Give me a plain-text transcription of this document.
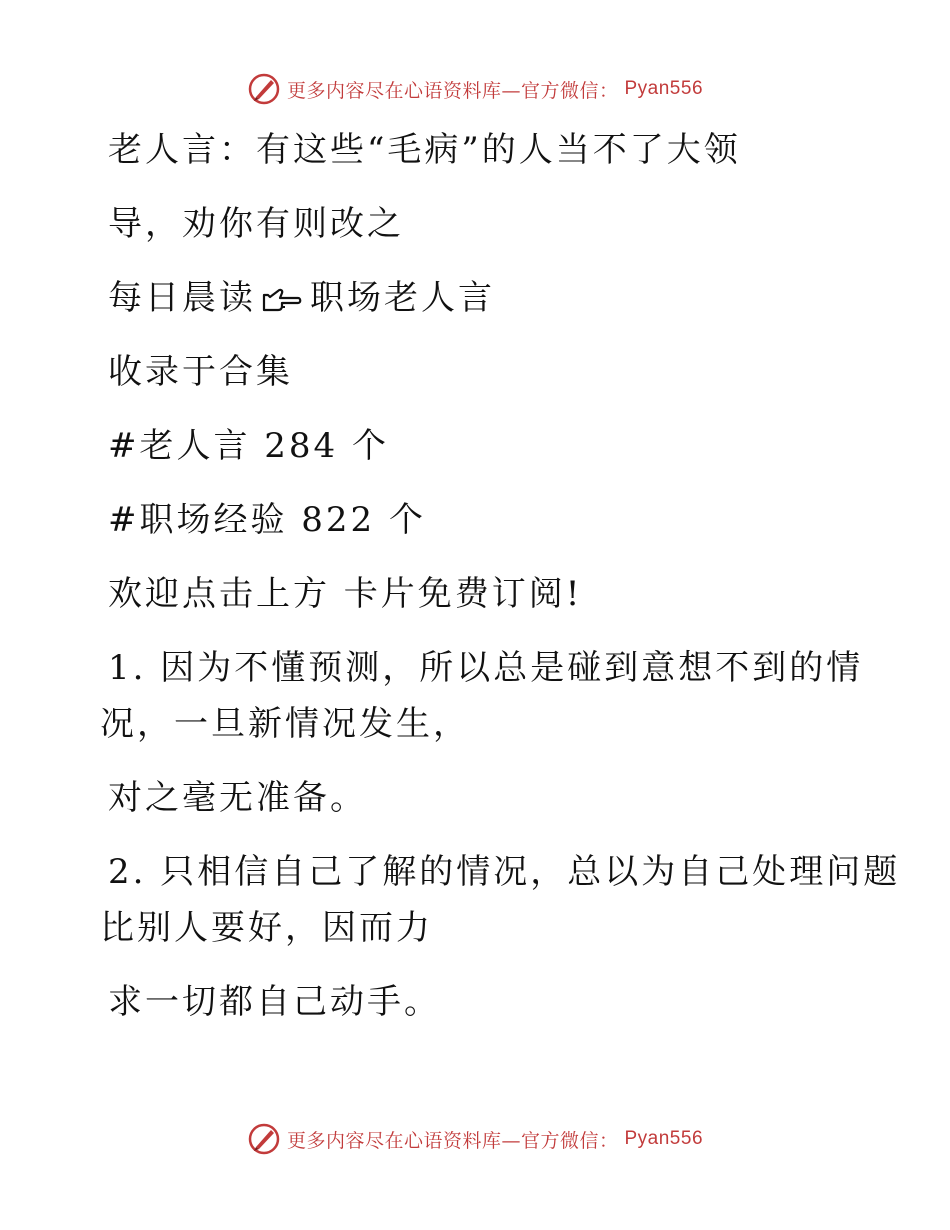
更多内容尽在心语资料库—官方微信： Pyan556

老人言：有这些“毛病”的人当不了大领

导，劝你有则改之

每日晨读 职场老人言

收录于合集

#老人言 284 个

#职场经验 822 个

欢迎点击上方 卡片免费订阅!

1. 因为不懂预测，所以总是碰到意想不到的情

况，一旦新情况发生，

对之毫无准备。

2. 只相信自己了解的情况，总以为自己处理问题

比别人要好，因而力

求一切都自己动手。

更多内容尽在心语资料库—官方微信： Pyan556
